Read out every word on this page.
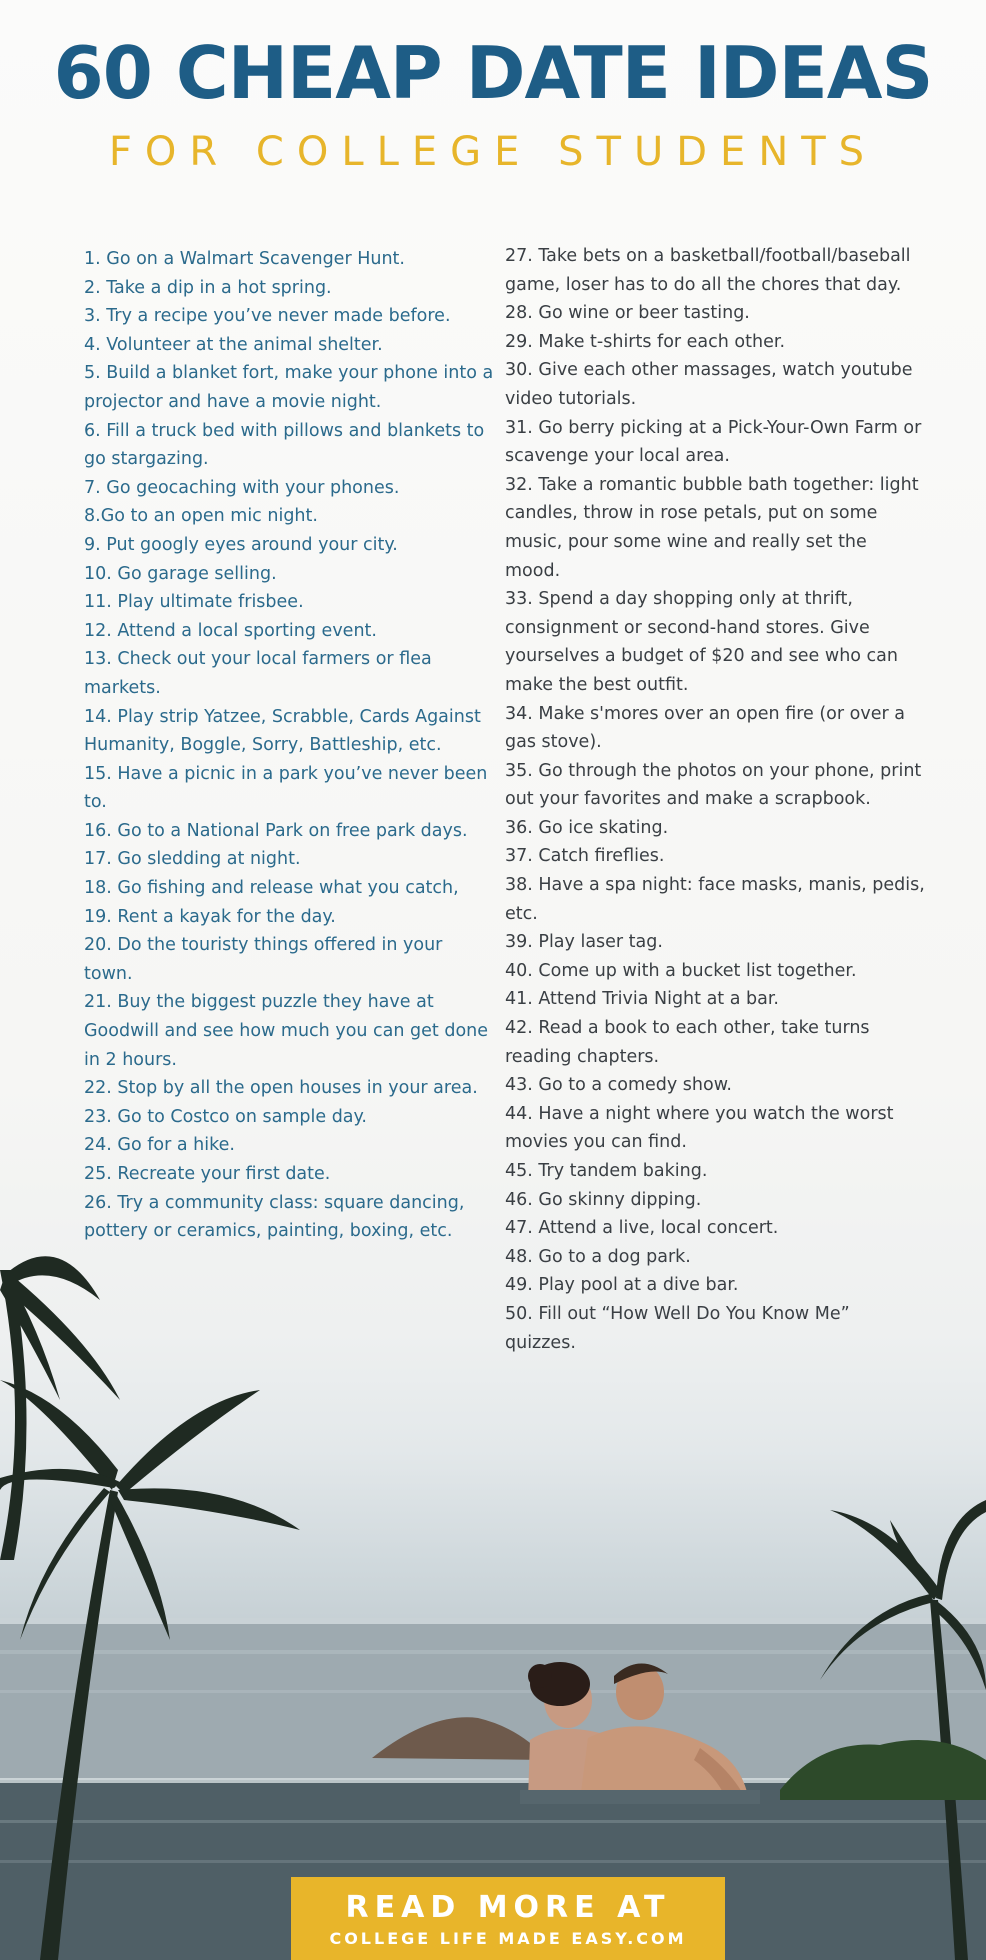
60 CHEAP DATE IDEAS
FOR COLLEGE STUDENTS
1. Go on a Walmart Scavenger Hunt.
2. Take a dip in a hot spring.
3. Try a recipe you’ve never made before.
4. Volunteer at the animal shelter.
5. Build a blanket fort, make your phone into a projector and have a movie night.
6. Fill a truck bed with pillows and blankets to go stargazing.
7. Go geocaching with your phones.
8.Go to an open mic night.
9. Put googly eyes around your city.
10. Go garage selling.
11. Play ultimate frisbee.
12. Attend a local sporting event.
13. Check out your local farmers or flea markets.
14. Play strip Yatzee, Scrabble, Cards Against Humanity, Boggle, Sorry, Battleship, etc.
15. Have a picnic in a park you’ve never been to.
16. Go to a National Park on free park days.
17. Go sledding at night.
18. Go fishing and release what you catch,
19. Rent a kayak for the day.
20. Do the touristy things offered in your town.
21. Buy the biggest puzzle they have at Goodwill and see how much you can get done in 2 hours.
22. Stop by all the open houses in your area.
23. Go to Costco on sample day.
24. Go for a hike.
25. Recreate your first date.
26. Try a community class: square dancing, pottery or ceramics, painting, boxing, etc.
27. Take bets on a basketball/football/baseball game, loser has to do all the chores that day.
28. Go wine or beer tasting.
29. Make t-shirts for each other.
30. Give each other massages, watch youtube video tutorials.
31. Go berry picking at a Pick-Your-Own Farm or scavenge your local area.
32. Take a romantic bubble bath together: light candles, throw in rose petals, put on some music, pour some wine and really set the mood.
33. Spend a day shopping only at thrift, consignment or second-hand stores. Give yourselves a budget of $20 and see who can make the best outfit.
34. Make s'mores over an open fire (or over a gas stove).
35. Go through the photos on your phone, print out your favorites and make a scrapbook.
36. Go ice skating.
37. Catch fireflies.
38. Have a spa night: face masks, manis, pedis, etc.
39. Play laser tag.
40. Come up with a bucket list together.
41. Attend Trivia Night at a bar.
42. Read a book to each other, take turns reading chapters.
43. Go to a comedy show.
44. Have a night where you watch the worst movies you can find.
45. Try tandem baking.
46. Go skinny dipping.
47. Attend a live, local concert.
48. Go to a dog park.
49. Play pool at a dive bar.
50. Fill out “How Well Do You Know Me” quizzes.
READ MORE AT
COLLEGE LIFE MADE EASY.COM
